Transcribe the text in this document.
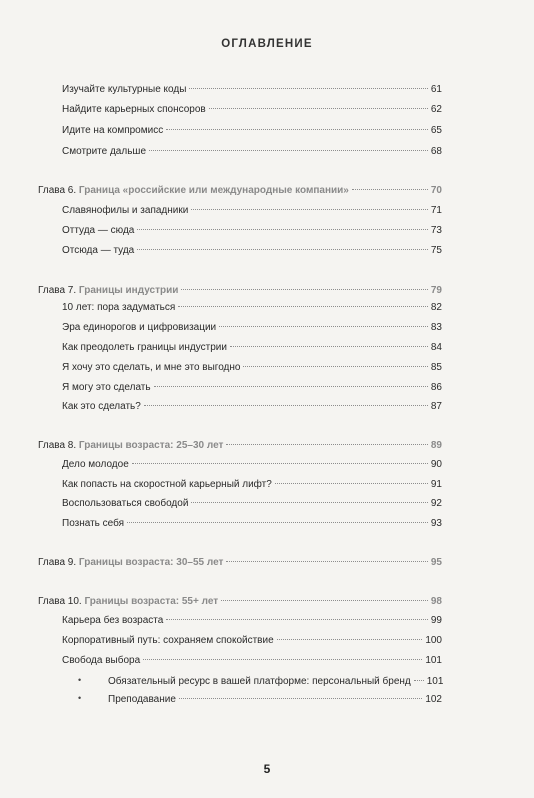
ОГЛАВЛЕНИЕ
Изучайте культурные коды	61
Найдите карьерных спонсоров	62
Идите на компромисс	65
Смотрите дальше	68
Глава 6. Граница «российские или международные компании»	70
Славянофилы и западники	71
Оттуда — сюда	73
Отсюда — туда	75
Глава 7. Границы индустрии	79
10 лет: пора задуматься	82
Эра единорогов и цифровизации	83
Как преодолеть границы индустрии	84
Я хочу это сделать, и мне это выгодно	85
Я могу это сделать	86
Как это сделать?	87
Глава 8. Границы возраста: 25–30 лет	89
Дело молодое	90
Как попасть на скоростной карьерный лифт?	91
Воспользоваться свободой	92
Познать себя	93
Глава 9. Границы возраста: 30–55 лет	95
Глава 10. Границы возраста: 55+ лет	98
Карьера без возраста	99
Корпоративный путь: сохраняем спокойствие	100
Свобода выбора	101
Обязательный ресурс в вашей платформе: персональный бренд 101
•
Преподавание	102
•
5
